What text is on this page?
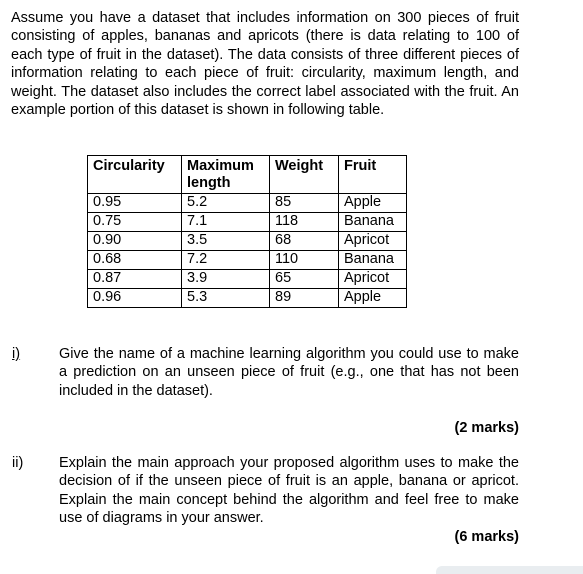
Assume you have a dataset that includes information on 300 pieces of fruit consisting of apples, bananas and apricots (there is data relating to 100 of each type of fruit in the dataset). The data consists of three different pieces of information relating to each piece of fruit: circularity, maximum length, and weight. The dataset also includes the correct label associated with the fruit. An example portion of this dataset is shown in following table.

Circularity	Maximum length	Weight	Fruit
0.95	5.2	85	Apple
0.75	7.1	118	Banana
0.90	3.5	68	Apricot
0.68	7.2	110	Banana
0.87	3.9	65	Apricot
0.96	5.3	89	Apple
i)	Give the name of a machine learning algorithm you could use to make a prediction on an unseen piece of fruit (e.g., one that has not been included in the dataset).

(2 marks)
ii) Explain the main approach your proposed algorithm uses to make the decision of if the unseen piece of fruit is an apple, banana or apricot. Explain the main concept behind the algorithm and feel free to make use of diagrams in your answer.

(6 marks)
